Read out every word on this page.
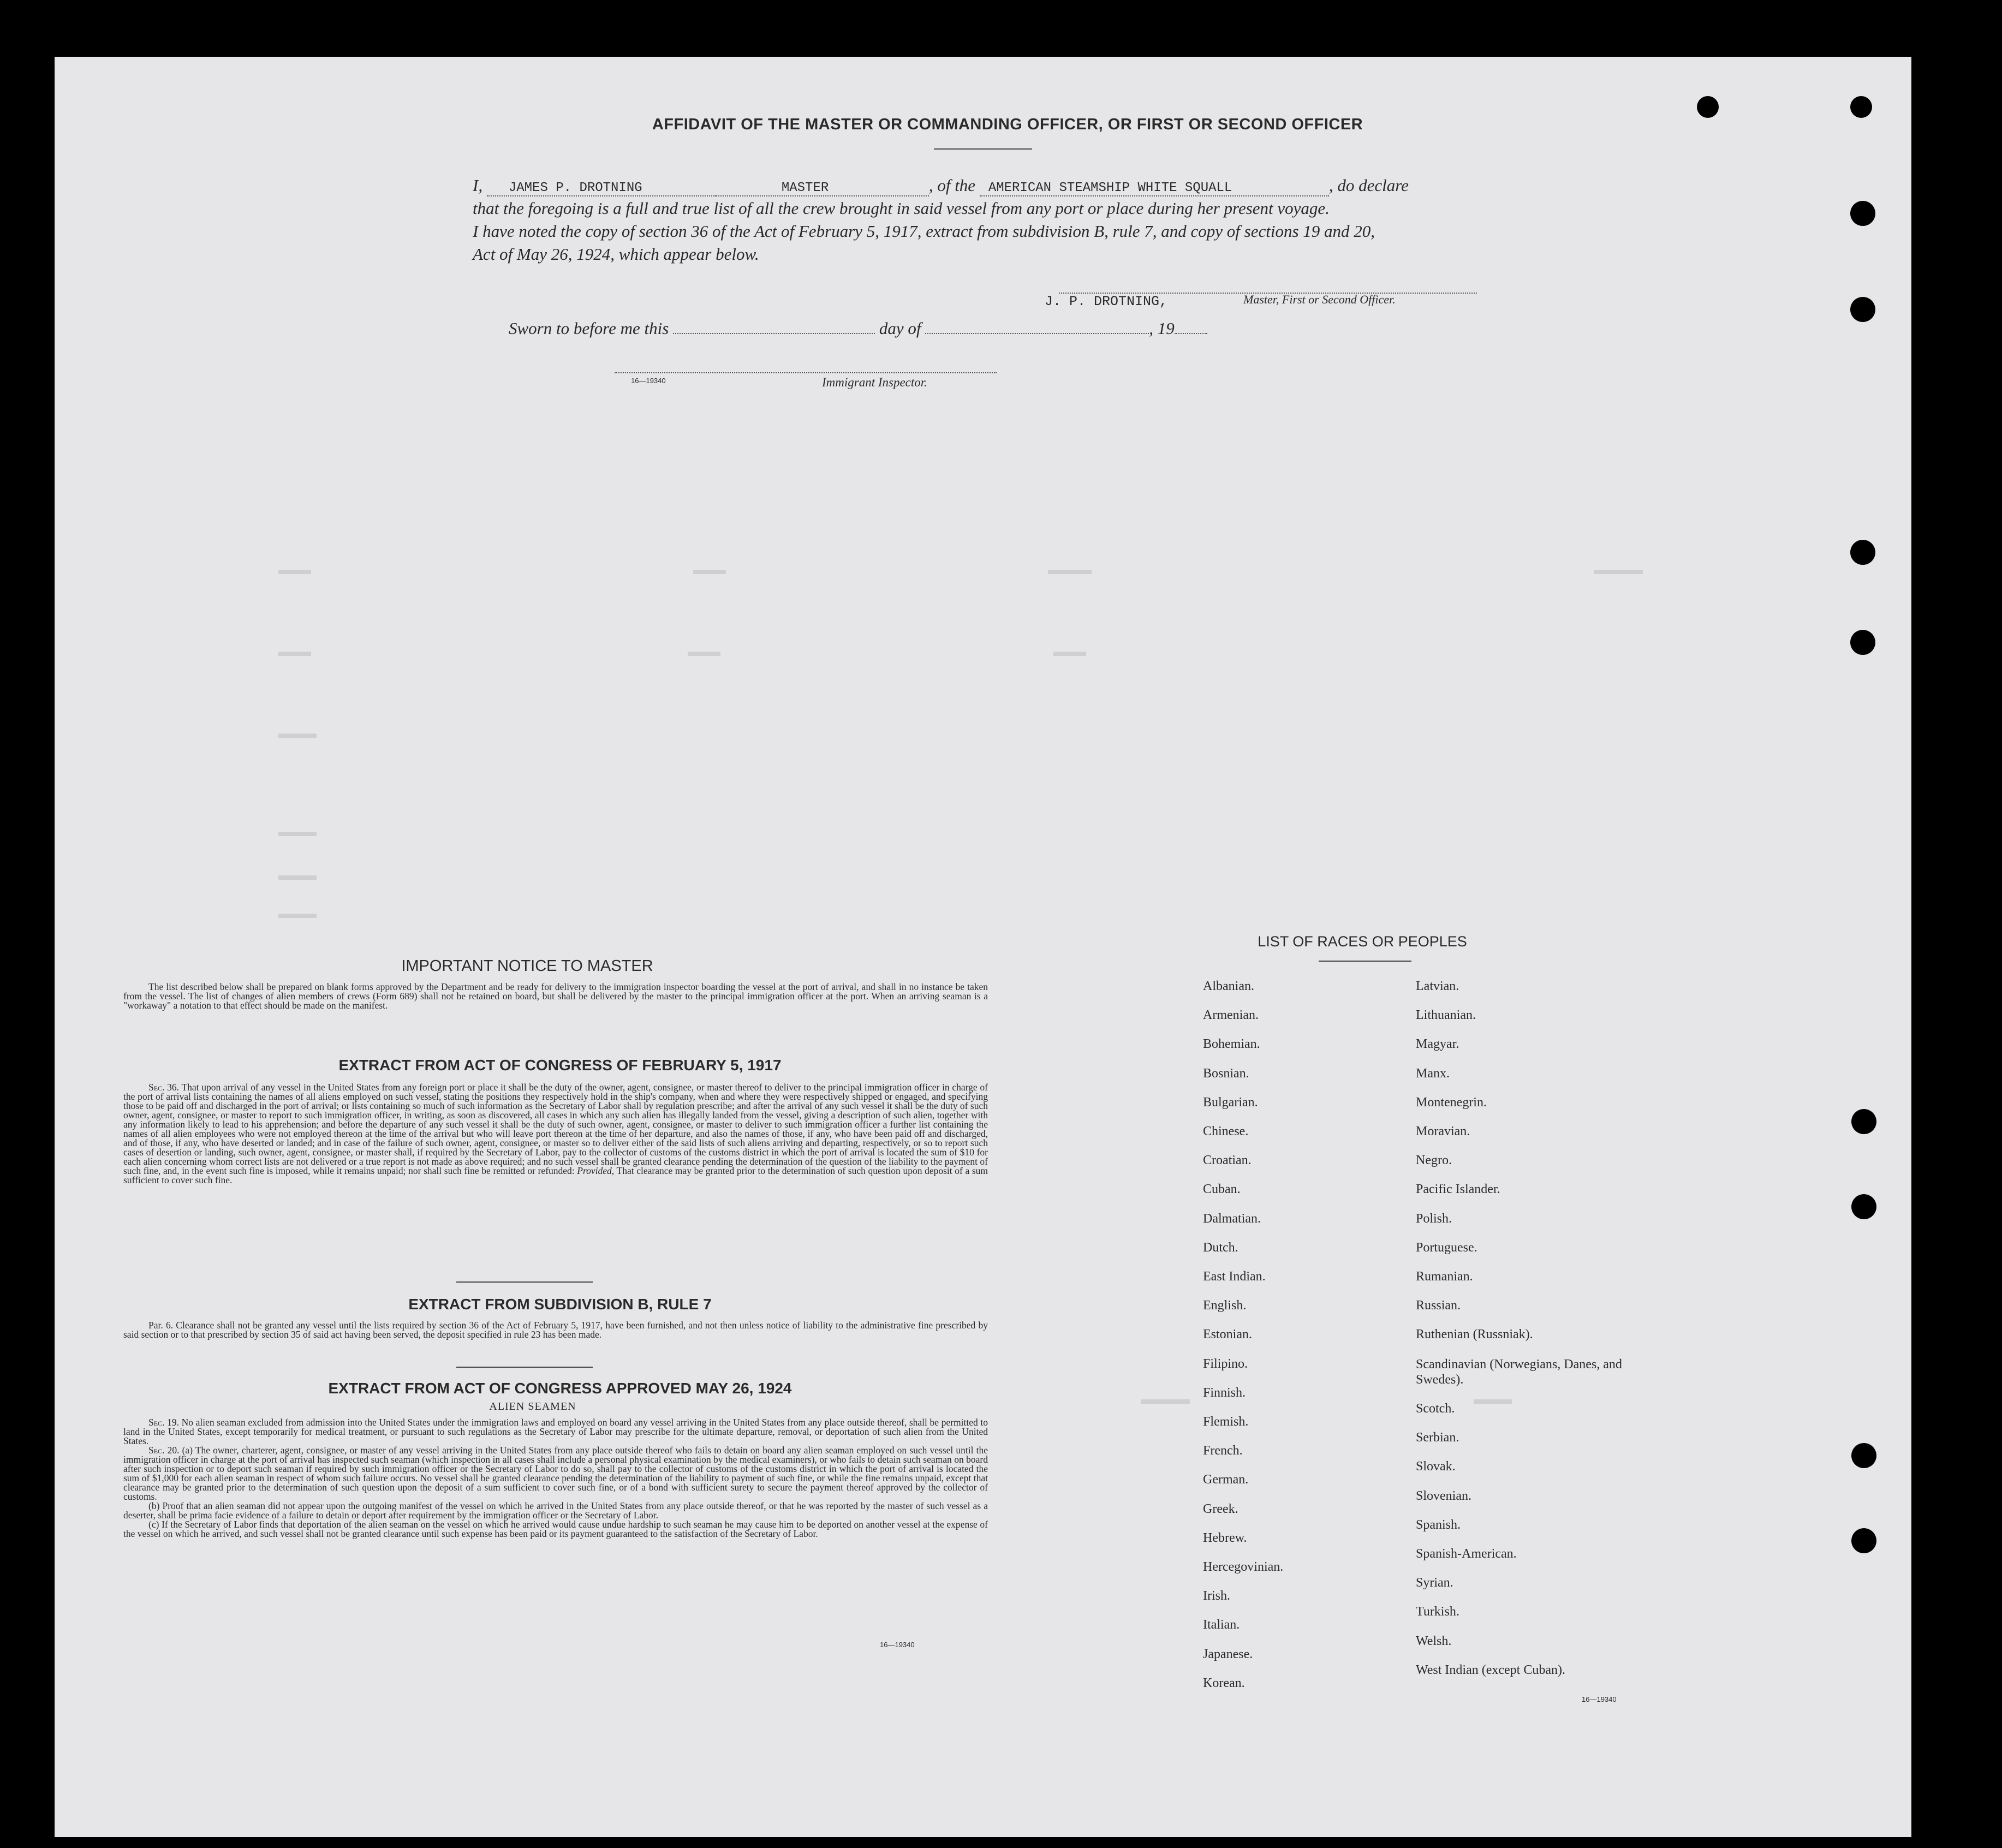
AFFIDAVIT OF THE MASTER OR COMMANDING OFFICER, OR FIRST OR SECOND OFFICER
I, JAMES P. DROTNING	MASTER	, of the AMERICAN STEAMSHIP WHITE SQUALL	, do declare
that the foregoing is a full and true list of all the crew brought in said vessel from any port or place during her present voyage.
I have noted the copy of section 36 of the Act of February 5, 1917, extract from subdivision B, rule 7, and copy of sections 19 and 20,
Act of May 26, 1924, which appear below.
J. P. DROTNING,	Master, First or Second Officer.
Sworn to before me this	day of	, 19
16—19340	Immigrant Inspector.
IMPORTANT NOTICE TO MASTER

The list described below shall be prepared on blank forms approved by the Department and be ready for delivery to the immigration inspector boarding the vessel at the port of arrival, and shall in no instance be taken from the vessel. The list of changes of alien members of crews (Form 689) shall not be retained on board, but shall be delivered by the master to the principal immigration officer at the port. When an arriving seaman is a "workaway" a notation to that effect should be made on the manifest.

EXTRACT FROM ACT OF CONGRESS OF FEBRUARY 5, 1917

Sec. 36. That upon arrival of any vessel in the United States from any foreign port or place it shall be the duty of the owner, agent, consignee, or master thereof to deliver to the principal immigration officer in charge of the port of arrival lists containing the names of all aliens employed on such vessel, stating the positions they respectively hold in the ship's company, when and where they were respectively shipped or engaged, and specifying those to be paid off and discharged in the port of arrival; or lists containing so much of such information as the Secretary of Labor shall by regulation prescribe; and after the arrival of any such vessel it shall be the duty of such owner, agent, consignee, or master to report to such immigration officer, in writing, as soon as discovered, all cases in which any such alien has illegally landed from the vessel, giving a description of such alien, together with any information likely to lead to his apprehension; and before the departure of any such vessel it shall be the duty of such owner, agent, consignee, or master to deliver to such immigration officer a further list containing the names of all alien employees who were not employed thereon at the time of the arrival but who will leave port thereon at the time of her departure, and also the names of those, if any, who have been paid off and discharged, and of those, if any, who have deserted or landed; and in case of the failure of such owner, agent, consignee, or master so to deliver either of the said lists of such aliens arriving and departing, respectively, or so to report such cases of desertion or landing, such owner, agent, consignee, or master shall, if required by the Secretary of Labor, pay to the collector of customs of the customs district in which the port of arrival is located the sum of $10 for each alien concerning whom correct lists are not delivered or a true report is not made as above required; and no such vessel shall be granted clearance pending the determination of the question of the liability to the payment of such fine, and, in the event such fine is imposed, while it remains unpaid; nor shall such fine be remitted or refunded: Provided, That clearance may be granted prior to the determination of such question upon deposit of a sum sufficient to cover such fine.

EXTRACT FROM SUBDIVISION B, RULE 7

Par. 6. Clearance shall not be granted any vessel until the lists required by section 36 of the Act of February 5, 1917, have been furnished, and not then unless notice of liability to the administrative fine prescribed by said section or to that prescribed by section 35 of said act having been served, the deposit specified in rule 23 has been made.

EXTRACT FROM ACT OF CONGRESS APPROVED MAY 26, 1924
ALIEN SEAMEN

Sec. 19. No alien seaman excluded from admission into the United States under the immigration laws and employed on board any vessel arriving in the United States from any place outside thereof, shall be permitted to land in the United States, except temporarily for medical treatment, or pursuant to such regulations as the Secretary of Labor may prescribe for the ultimate departure, removal, or deportation of such alien from the United States.

Sec. 20. (a) The owner, charterer, agent, consignee, or master of any vessel arriving in the United States from any place outside thereof who fails to detain on board any alien seaman employed on such vessel until the immigration officer in charge at the port of arrival has inspected such seaman (which inspection in all cases shall include a personal physical examination by the medical examiners), or who fails to detain such seaman on board after such inspection or to deport such seaman if required by such immigration officer or the Secretary of Labor to do so, shall pay to the collector of customs of the customs district in which the port of arrival is located the sum of $1,000 for each alien seaman in respect of whom such failure occurs. No vessel shall be granted clearance pending the determination of the liability to payment of such fine, or while the fine remains unpaid, except that clearance may be granted prior to the determination of such question upon the deposit of a sum sufficient to cover such fine, or of a bond with sufficient surety to secure the payment thereof approved by the collector of customs.

(b) Proof that an alien seaman did not appear upon the outgoing manifest of the vessel on which he arrived in the United States from any place outside thereof, or that he was reported by the master of such vessel as a deserter, shall be prima facie evidence of a failure to detain or deport after requirement by the immigration officer or the Secretary of Labor.

(c) If the Secretary of Labor finds that deportation of the alien seaman on the vessel on which he arrived would cause undue hardship to such seaman he may cause him to be deported on another vessel at the expense of the vessel on which he arrived, and such vessel shall not be granted clearance until such expense has been paid or its payment guaranteed to the satisfaction of the Secretary of Labor.

16—19340
LIST OF RACES OR PEOPLES
16—19340
Albanian.
Armenian.
Bohemian.
Bosnian.
Bulgarian.
Chinese.
Croatian.
Cuban.
Dalmatian.
Dutch.
East Indian.
English.
Estonian.
Filipino.
Finnish.
Flemish.
French.
German.
Greek.
Hebrew.
Hercegovinian.
Irish.
Italian.
Japanese.
Korean.
Latvian.
Lithuanian.
Magyar.
Manx.
Montenegrin.
Moravian.
Negro.
Pacific Islander.
Polish.
Portuguese.
Rumanian.
Russian.
Ruthenian (Russniak).
Scandinavian (Norwegians, Danes, and Swedes).
Scotch.
Serbian.
Slovak.
Slovenian.
Spanish.
Spanish-American.
Syrian.
Turkish.
Welsh.
West Indian (except Cuban).
